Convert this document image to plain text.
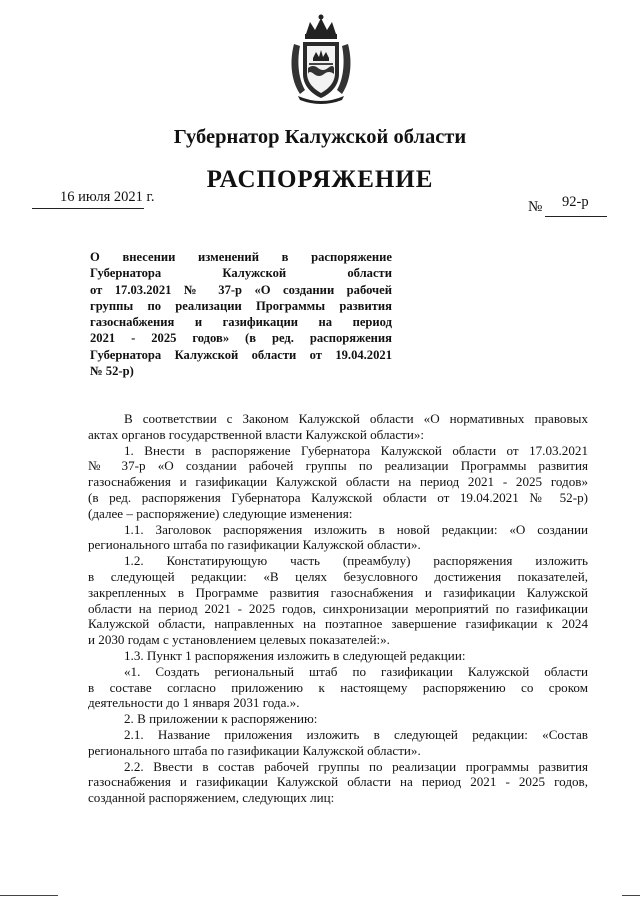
Губернатор Калужской области
РАСПОРЯЖЕНИЕ
16 июля 2021 г.
№ 92-р
О внесении изменений в распоряжение
Губернатора Калужской области
от 17.03.2021 № 37-р «О создании рабочей
группы по реализации Программы развития
газоснабжения и газификации на период
2021 - 2025 годов» (в ред. распоряжения
Губернатора Калужской области от 19.04.2021
№ 52-р)
В соответствии с Законом Калужской области «О нормативных правовых
актах органов государственной власти Калужской области»:
1. Внести в распоряжение Губернатора Калужской области от 17.03.2021
№ 37-р «О создании рабочей группы по реализации Программы развития
газоснабжения и газификации Калужской области на период 2021 - 2025 годов»
(в ред. распоряжения Губернатора Калужской области от 19.04.2021 № 52-р)
(далее – распоряжение) следующие изменения:
1.1. Заголовок распоряжения изложить в новой редакции: «О создании
регионального штаба по газификации Калужской области».
1.2. Констатирующую часть (преамбулу) распоряжения изложить
в следующей редакции: «В целях безусловного достижения показателей,
закрепленных в Программе развития газоснабжения и газификации Калужской
области на период 2021 - 2025 годов, синхронизации мероприятий по газификации
Калужской области, направленных на поэтапное завершение газификации к 2024
и 2030 годам с установлением целевых показателей:».
1.3. Пункт 1 распоряжения изложить в следующей редакции:
«1. Создать региональный штаб по газификации Калужской области
в составе согласно приложению к настоящему распоряжению со сроком
деятельности до 1 января 2031 года.».
2. В приложении к распоряжению:
2.1. Название приложения изложить в следующей редакции: «Состав
регионального штаба по газификации Калужской области».
2.2. Ввести в состав рабочей группы по реализации программы развития
газоснабжения и газификации Калужской области на период 2021 - 2025 годов,
созданной распоряжением, следующих лиц:
